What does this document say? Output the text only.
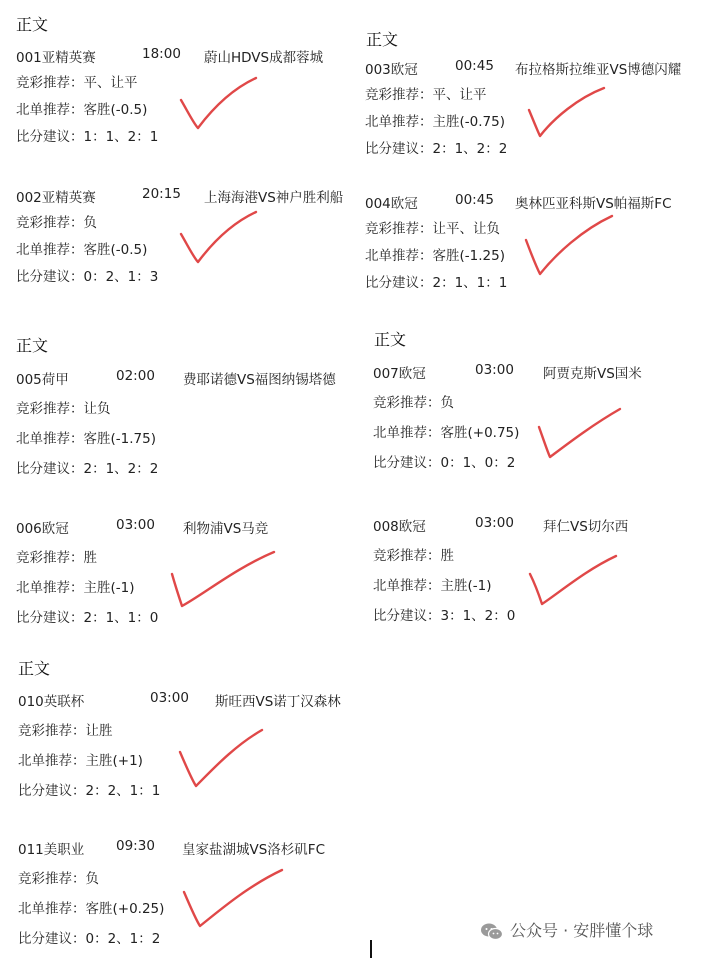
正文
正文
正文	正文
正文
001亚精英赛	18:00 蔚山HDVS成都蓉城
竞彩推荐：平、让平
北单推荐：客胜(-0.5)
比分建议：1：1、2：1
002亚精英赛	20:15 上海海港VS神户胜利船
竞彩推荐：负
北单推荐：客胜(-0.5)
比分建议：0：2、1：3
003欧冠	00:45 布拉格斯拉维亚VS博德闪耀
竞彩推荐：平、让平
北单推荐：主胜(-0.75)
比分建议：2：1、2：2
004欧冠	00:45 奥林匹亚科斯VS帕福斯FC
竞彩推荐：让平、让负
北单推荐：客胜(-1.25)
比分建议：2：1、1：1
005荷甲	02:00 费耶诺德VS福图纳锡塔德
竞彩推荐：让负
北单推荐：客胜(-1.75)
比分建议：2：1、2：2
007欧冠	03:00 阿贾克斯VS国米
竞彩推荐：负
北单推荐：客胜(+0.75)
比分建议：0：1、0：2
006欧冠	03:00 利物浦VS马竞
竞彩推荐：胜
北单推荐：主胜(-1)
比分建议：2：1、1：0
008欧冠	03:00 拜仁VS切尔西
竞彩推荐：胜
北单推荐：主胜(-1)
比分建议：3：1、2：0
010英联杯	03:00 斯旺西VS诺丁汉森林
竞彩推荐：让胜
北单推荐：主胜(+1)
比分建议：2：2、1：1
011美职业 09:30 皇家盐湖城VS洛杉矶FC
竞彩推荐：负
北单推荐：客胜(+0.25)
比分建议：0：2、1：2	公众号 · 安胖懂个球
